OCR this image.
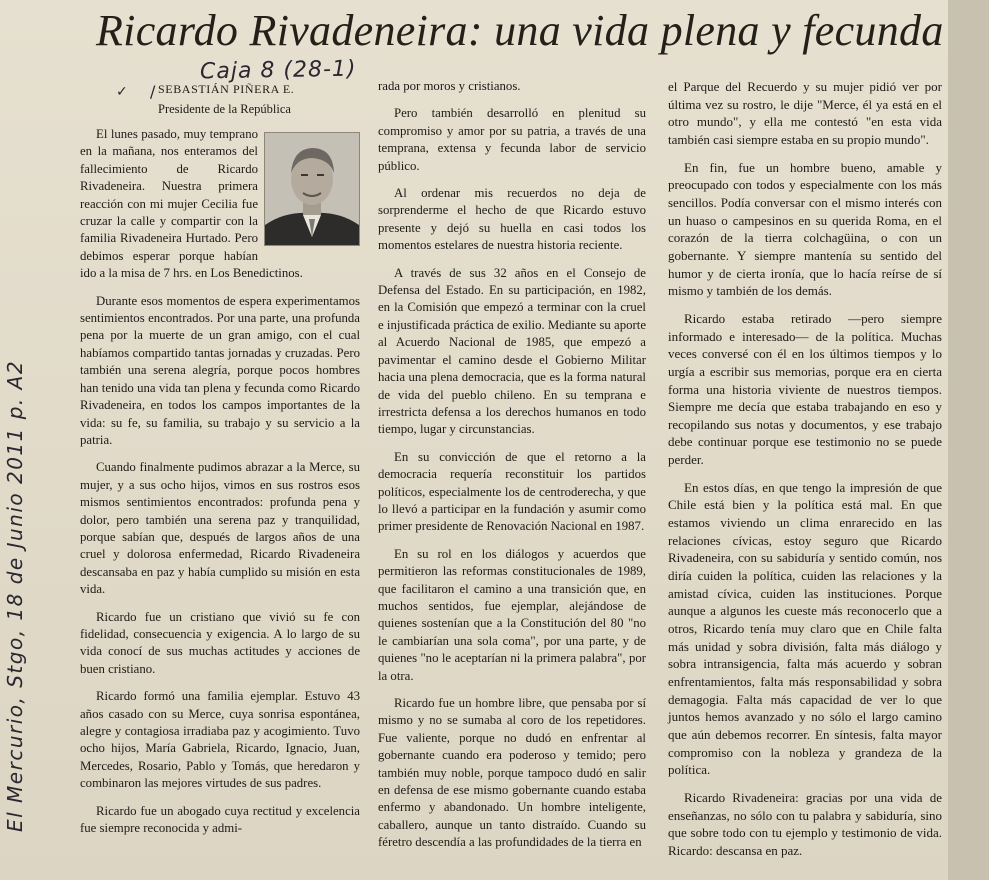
Ricardo Rivadeneira: una vida plena y fecunda
✓ /
Caja 8 (28-1)
SEBASTIÁN PIÑERA E.
Presidente de la República
El Mercurio, Stgo, 18 de Junio 2011 p. A2

El lunes pasado, muy temprano en la mañana, nos enteramos del fallecimiento de Ricardo Rivadeneira. Nuestra primera reacción con mi mujer Cecilia fue cruzar la calle y compartir con la familia Rivadeneira Hurtado. Pero debimos esperar porque habían ido a la misa de 7 hrs. en Los Benedictinos.

Durante esos momentos de espera experimentamos sentimientos encontrados. Por una parte, una profunda pena por la muerte de un gran amigo, con el cual habíamos compartido tantas jornadas y cruzadas. Pero también una serena alegría, porque pocos hombres han tenido una vida tan plena y fecunda como Ricardo Rivadeneira, en todos los campos importantes de la vida: su fe, su familia, su trabajo y su servicio a la patria.

Cuando finalmente pudimos abrazar a la Merce, su mujer, y a sus ocho hijos, vimos en sus rostros esos mismos sentimientos encontrados: profunda pena y dolor, pero también una serena paz y tranquilidad, porque sabían que, después de largos años de una cruel y dolorosa enfermedad, Ricardo Rivadeneira descansaba en paz y había cumplido su misión en esta vida.

Ricardo fue un cristiano que vivió su fe con fidelidad, consecuencia y exigencia. A lo largo de su vida conocí de sus muchas actitudes y acciones de buen cristiano.

Ricardo formó una familia ejemplar. Estuvo 43 años casado con su Merce, cuya sonrisa espontánea, alegre y contagiosa irradiaba paz y acogimiento. Tuvo ocho hijos, María Gabriela, Ricardo, Ignacio, Juan, Mercedes, Rosario, Pablo y Tomás, que heredaron y combinaron las mejores virtudes de sus padres.

Ricardo fue un abogado cuya rectitud y excelencia fue siempre reconocida y admi-

rada por moros y cristianos.

Pero también desarrolló en plenitud su compromiso y amor por su patria, a través de una temprana, extensa y fecunda labor de servicio público.

Al ordenar mis recuerdos no deja de sorprenderme el hecho de que Ricardo estuvo presente y dejó su huella en casi todos los momentos estelares de nuestra historia reciente.

A través de sus 32 años en el Consejo de Defensa del Estado. En su participación, en 1982, en la Comisión que empezó a terminar con la cruel e injustificada práctica de exilio. Mediante su aporte al Acuerdo Nacional de 1985, que empezó a pavimentar el camino desde el Gobierno Militar hacia una plena democracia, que es la forma natural de vida del pueblo chileno. En su temprana e irrestricta defensa a los derechos humanos en todo tiempo, lugar y circunstancias.

En su convicción de que el retorno a la democracia requería reconstituir los partidos políticos, especialmente los de centroderecha, y que lo llevó a participar en la fundación y asumir como primer presidente de Renovación Nacional en 1987.

En su rol en los diálogos y acuerdos que permitieron las reformas constitucionales de 1989, que facilitaron el camino a una transición que, en muchos sentidos, fue ejemplar, alejándose de quienes sostenían que a la Constitución del 80 "no le cambiarían una sola coma", por una parte, y de quienes "no le aceptarían ni la primera palabra", por la otra.

Ricardo fue un hombre libre, que pensaba por sí mismo y no se sumaba al coro de los repetidores. Fue valiente, porque no dudó en enfrentar al gobernante cuando era poderoso y temido; pero también muy noble, porque tampoco dudó en salir en defensa de ese mismo gobernante cuando estaba enfermo y abandonado. Un hombre inteligente, caballero, aunque un tanto distraído. Cuando su féretro descendía a las profundidades de la tierra en

el Parque del Recuerdo y su mujer pidió ver por última vez su rostro, le dije "Merce, él ya está en el otro mundo", y ella me contestó "en esta vida también casi siempre estaba en su propio mundo".

En fin, fue un hombre bueno, amable y preocupado con todos y especialmente con los más sencillos. Podía conversar con el mismo interés con un huaso o campesinos en su querida Roma, en el corazón de la tierra colchagüina, o con un gobernante. Y siempre mantenía su sentido del humor y de cierta ironía, que lo hacía reírse de sí mismo y también de los demás.

Ricardo estaba retirado —pero siempre informado e interesado— de la política. Muchas veces conversé con él en los últimos tiempos y lo urgía a escribir sus memorias, porque era en cierta forma una historia viviente de nuestros tiempos. Siempre me decía que estaba trabajando en eso y recopilando sus notas y documentos, y ese trabajo debe continuar porque ese testimonio no se puede perder.

En estos días, en que tengo la impresión de que Chile está bien y la política está mal. En que estamos viviendo un clima enrarecido en las relaciones cívicas, estoy seguro que Ricardo Rivadeneira, con su sabiduría y sentido común, nos diría cuiden la política, cuiden las relaciones y la amistad cívica, cuiden las instituciones. Porque aunque a algunos les cueste más reconocerlo que a otros, Ricardo tenía muy claro que en Chile falta más unidad y sobra división, falta más diálogo y sobra intransigencia, falta más acuerdo y sobran enfrentamientos, falta más responsabilidad y sobra demagogia. Falta más capacidad de ver lo que juntos hemos avanzado y no sólo el largo camino que aún debemos recorrer. En síntesis, falta mayor compromiso con la nobleza y grandeza de la política.

Ricardo Rivadeneira: gracias por una vida de enseñanzas, no sólo con tu palabra y sabiduría, sino que sobre todo con tu ejemplo y testimonio de vida. Ricardo: descansa en paz.
